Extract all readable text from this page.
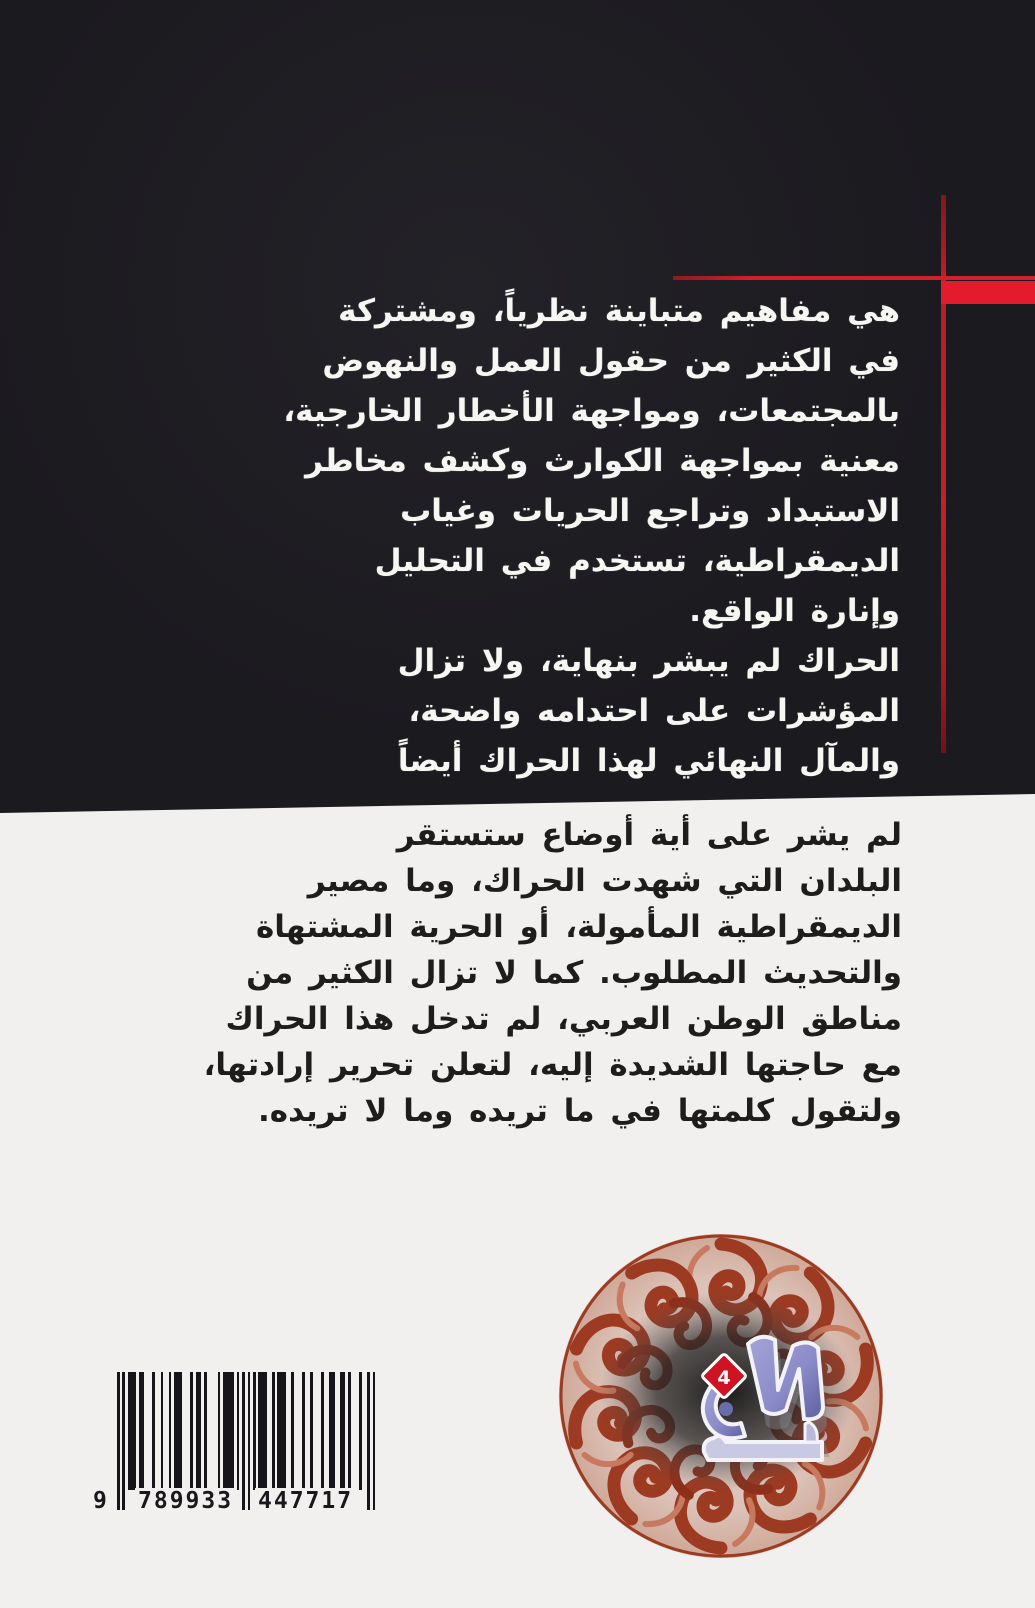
هي مفاهيم متباينة نظرياً، ومشتركة
في الكثير من حقول العمل والنهوض
بالمجتمعات، ومواجهة الأخطار الخارجية،
معنية بمواجهة الكوارث وكشف مخاطر
الاستبداد وتراجع الحريات وغياب
الديمقراطية، تستخدم في التحليل
وإنارة الواقع.
الحراك لم يبشر بنهاية، ولا تزال
المؤشرات على احتدامه واضحة،
والمآل النهائي لهذا الحراك أيضاً
لم يشر على أية أوضاع ستستقر
البلدان التي شهدت الحراك، وما مصير
الديمقراطية المأمولة، أو الحرية المشتهاة
والتحديث المطلوب. كما لا تزال الكثير من
مناطق الوطن العربي، لم تدخل هذا الحراك
مع حاجتها الشديدة إليه، لتعلن تحرير إرادتها،
ولتقول كلمتها في ما تريده وما لا تريده.
9 789933 447717
4
